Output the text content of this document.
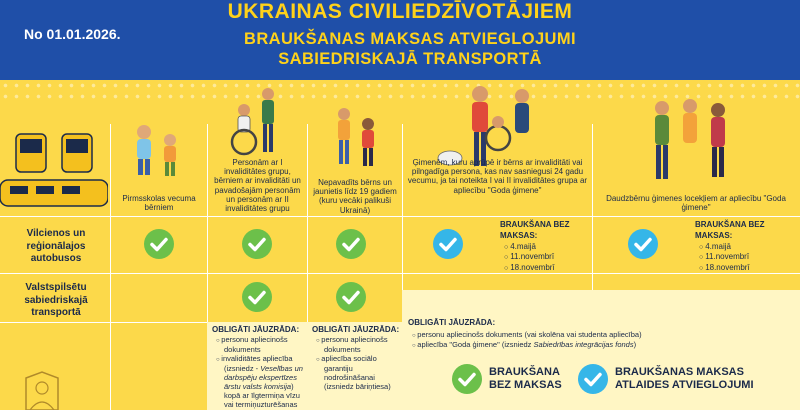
No 01.01.2026.
UKRAINAS CIVILIEDZĪVOTĀJIEM
BRAUKŠANAS MAKSAS ATVIEGLOJUMI
SABIEDRISKAJĀ TRANSPORTĀ
Pirmsskolas vecuma bērniem
Personām ar I invaliditātes grupu, bērniem ar invaliditāti un pavadošajām personām un personām ar II invaliditātes grupu
Nepavadīts bērns un jaunietis līdz 19 gadiem (kuru vecāki palikuši Ukrainā)
Ģimenēm, kuru aprūpē ir bērns ar invaliditāti vai pilngadīga persona, kas nav sasniegusi 24 gadu vecumu, ja tai noteikta I vai II invaliditātes grupa ar apliecību "Goda ģimene"
Daudzbērnu ģimenes locekļiem ar apliecību "Goda ģimene"
Vilcienos un reģionālajos autobusos
Valstspilsētu sabiedriskajā transportā
BRAUKŠANA BEZ MAKSAS:
○ 4.maijā
○ 11.novembrī
○ 18.novembrī
BRAUKŠANA BEZ MAKSAS:
○ 4.maijā
○ 11.novembrī
○ 18.novembrī
OBLIGĀTI JĀUZRĀDA:
○ personu apliecinošs dokuments
○ invaliditātes apliecība (izsniedz - Veselības un darbspēju ekspertīzes ārstu valsts komisija) kopā ar īlgtermiņa vīzu vai termiņuzturēšanas
OBLIGĀTI JĀUZRĀDA:
○ personu apliecinošs dokuments
○ apliecība sociālo garantiju nodrošināšanai (izsniedz bāriņtiesa)
OBLIGĀTI JĀUZRĀDA:
○ personu apliecinošs dokuments (vai skolēna vai studenta apliecība)
○ apliecība "Goda ģimene" (izsniedz Sabiedrības integrācijas fonds)
BRAUKŠANA BEZ MAKSAS
BRAUKŠANAS MAKSAS ATLAIDES ATVIEGLOJUMI
